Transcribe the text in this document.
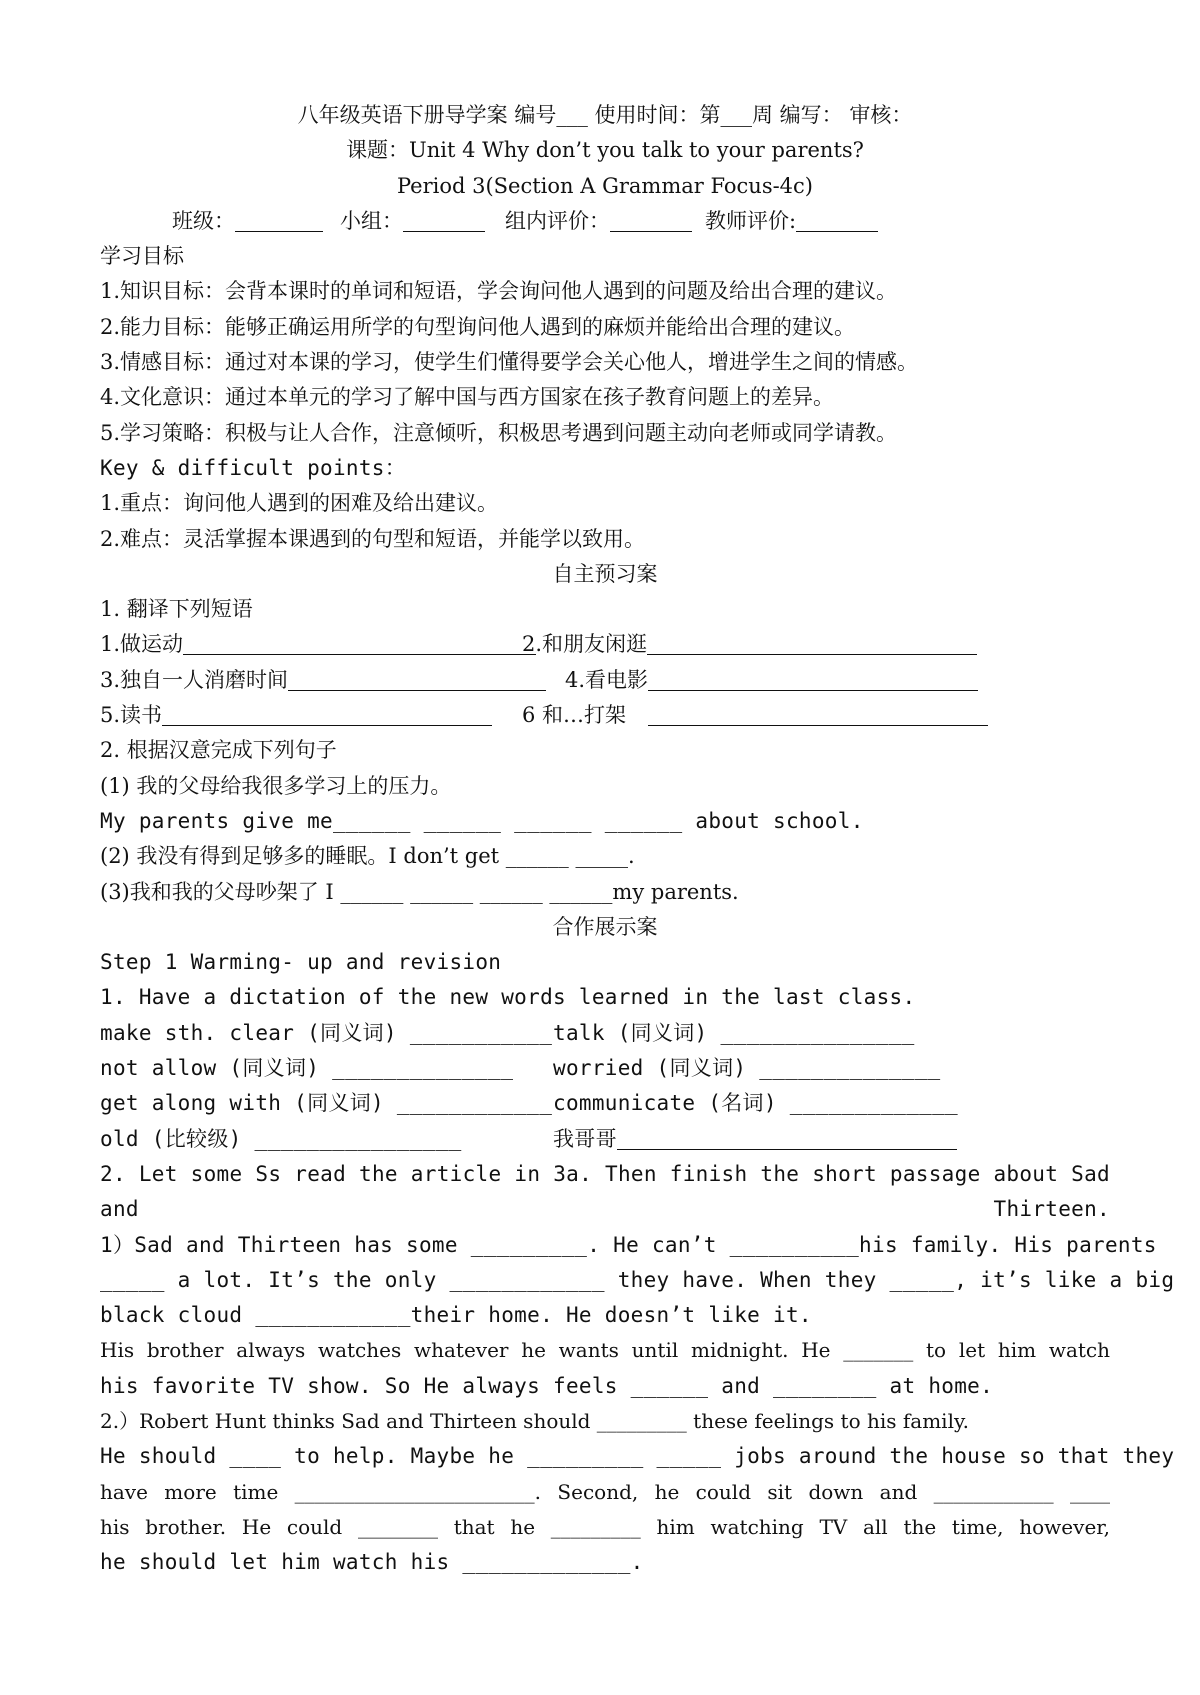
八年级英语下册导学案 编号___ 使用时间：第___周 编写： 审核：
课题：Unit 4 Why don’t you talk to your parents?
Period 3(Section A Grammar Focus-4c)
班级：	小组：	组内评价：	教师评价:
学习目标
1.知识目标：会背本课时的单词和短语，学会询问他人遇到的问题及给出合理的建议。
2.能力目标：能够正确运用所学的句型询问他人遇到的麻烦并能给出合理的建议。
3.情感目标：通过对本课的学习，使学生们懂得要学会关心他人，增进学生之间的情感。
4.文化意识：通过本单元的学习了解中国与西方国家在孩子教育问题上的差异。
5.学习策略：积极与让人合作，注意倾听，积极思考遇到问题主动向老师或同学请教。
Key & difficult points：
1.重点：询问他人遇到的困难及给出建议。
2.难点：灵活掌握本课遇到的句型和短语，并能学以致用。
自主预习案
1. 翻译下列短语
1.做运动	2.和朋友闲逛
3.独自一人消磨时间	4.看电影
5.读书	6 和…打架
2. 根据汉意完成下列句子
(1) 我的父母给我很多学习上的压力。
My parents give me______ ______ ______ ______ about school.
(2) 我没有得到足够多的睡眠。I don’t get ______ _____.
(3)我和我的父母吵架了 I ______ ______ ______ ______my parents.
合作展示案
Step 1 Warming- up and revision
1. Have a dictation of the new words learned in the last class.
make sth. clear (同义词) ___________ talk (同义词) _______________
not allow (同义词) ______________ worried (同义词) ______________
get along with (同义词) ____________ communicate (名词) _____________
old (比较级) ________________	我哥哥
2. Let some Ss read the article in 3a. Then finish the short passage about Sad and Thirteen.
1）Sad and Thirteen has some _________. He can’t __________his family. His parents
_____ a lot. It’s the only ____________ they have. When they _____, it’s like a big
black cloud ____________their home. He doesn’t like it.
His brother always watches whatever he wants until midnight. He _______ to let him watch
his favorite TV show. So He always feels ______ and ________ at home.
2.）Robert Hunt thinks Sad and Thirteen should _________ these feelings to his family.
He should ____ to help. Maybe he _________ _____ jobs around the house so that they
have more time ________________________. Second, he could sit down and ____________ ____
his brother. He could ________ that he _________ him watching TV all the time, however,
he should let him watch his _____________.
